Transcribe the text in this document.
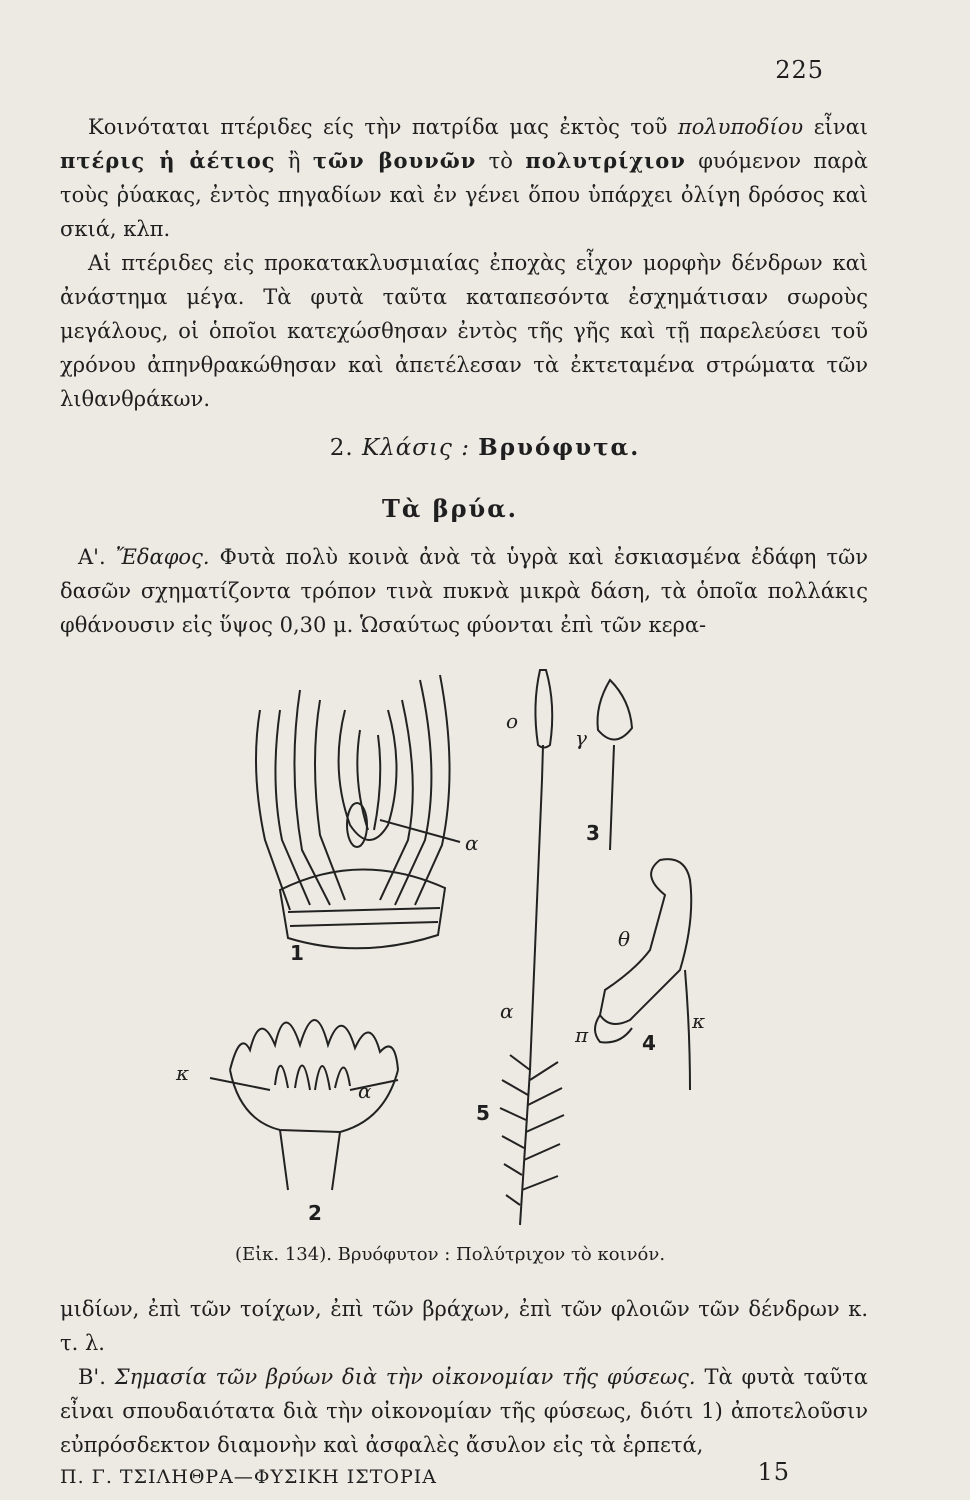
225
Κοινόταται πτέριδες είς τὴν πατρίδα μας ἐκτὸς τοῦ πολυποδίου εἶναι πτέρις ἡ ἀέτιος ἢ τῶν βουνῶν τὸ πολυτρίχιον φυόμενον παρὰ τοὺς ῥύακας, ἐντὸς πηγαδίων καὶ ἐν γένει ὅπου ὑπάρχει ὀλίγη δρόσος καὶ σκιά, κλπ.
Αἱ πτέριδες εἰς προκατακλυσμιαίας ἐποχὰς εἶχον μορφὴν δένδρων καὶ ἀνάστημα μέγα. Τὰ φυτὰ ταῦτα καταπεσόντα ἐσχημάτισαν σωροὺς μεγάλους, οἱ ὁποῖοι κατεχώσθησαν ἐντὸς τῆς γῆς καὶ τῇ παρελεύσει τοῦ χρόνου ἀπηνθρακώθησαν καὶ ἀπετέλεσαν τὰ ἐκτεταμένα στρώματα τῶν λιθανθράκων.
2. Κλάσις : Βρυόφυτα.
Τὰ βρύα.
Α'. Ἔδαφος. Φυτὰ πολὺ κοινὰ ἀνὰ τὰ ὑγρὰ καὶ ἐσκιασμένα ἐδάφη τῶν δασῶν σχηματίζοντα τρόπον τινὰ πυκνὰ μικρὰ δάση, τὰ ὁποῖα πολλάκις φθάνουσιν εἰς ὕψος 0,30 μ. Ὡσαύτως φύονται ἐπὶ τῶν κερα-
1
α
2
κ
α
3
γ
4
θ
π
κ
5
ο
α
(Εἰκ. 134). Βρυόφυτον : Πολύτριχον τὸ κοινόν.
μιδίων, ἐπὶ τῶν τοίχων, ἐπὶ τῶν βράχων, ἐπὶ τῶν φλοιῶν τῶν δένδρων κ. τ. λ.
Β'. Σημασία τῶν βρύων διὰ τὴν οἰκονομίαν τῆς φύσεως. Τὰ φυτὰ ταῦτα εἶναι σπουδαιότατα διὰ τὴν οἰκονομίαν τῆς φύσεως, διότι 1) ἀποτελοῦσιν εὐπρόσδεκτον διαμονὴν καὶ ἀσφαλὲς ἄσυλον εἰς τὰ ἑρπετά,
Π. Γ. ΤΣΙΛΗΘΡΑ—ΦΥΣΙΚΗ ΙΣΤΟΡΙΑ	15
